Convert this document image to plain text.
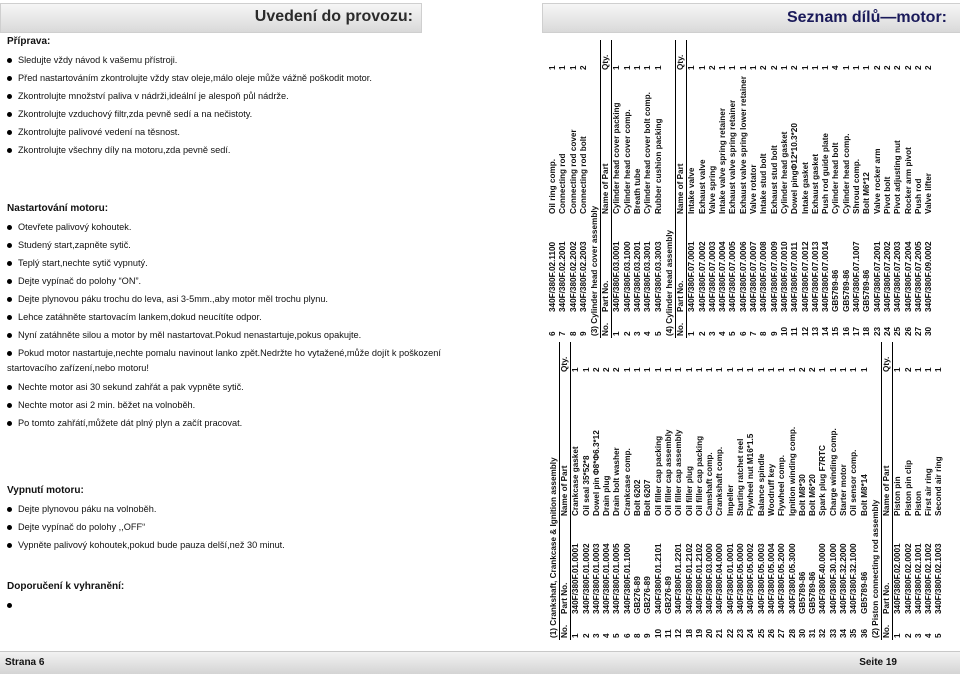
Uvedení do provozu:
Příprava:
Sledujte vždy návod k vašemu přístroji.
Před nastartováním zkontrolujte vždy stav oleje,málo oleje může vážně poškodit motor.
Zkontrolujte množství paliva v nádrži,ideální je alespoň půl nádrže.
Zkontrolujte vzduchový filtr,zda pevně sedí a na nečistoty.
Zkontrolujte palivové vedení na těsnost.
Zkontrolujte všechny díly na motoru,zda pevně sedí.
Nastartování motoru:
Otevřete palivový kohoutek.
Studený start,zapněte sytič.
Teplý start,nechte sytič vypnutý.
Dejte vypínač do polohy “ON”.
Dejte plynovou páku trochu do leva, asi 3-5mm.,aby motor měl trochu plynu.
Lehce zatáhněte startovacím lankem,dokud neucítíte odpor.
Nyní zatáhněte silou a motor by měl nastartovat.Pokud nenastartuje,pokus opakujte.
Pokud motor nastartuje,nechte pomalu navinout lanko zpět.Nedržte ho vytažené,může dojít k poškození startovacího zařízení,nebo motoru!
Nechte motor asi 30 sekund zahřát a pak vypněte sytič.
Nechte motor asi 2 min. běžet na volnoběh.
Po tomto zahřátí,můžete dát plný plyn a začít pracovat.
Vypnutí motoru:
Dejte plynovou páku na volnoběh.
Dejte vypínač do polohy ,,OFF“
Vypněte palivový kohoutek,pokud bude pauza delší,než 30 minut.
Doporučení k vyhranění:
Strana 6
Seznam dílů—motor:
(1) Crankshaft, Crankcase & Ignition assembly No.
Part No.
Name of Part
Qty.
1
340F/380F.01.0001
Crankcase gasket
1
2
340F/380F.01.0002
Oil seal 35*52*8
1
3
340F/380F.01.0003
Dowel pin Φ8*Φ6.3*12
2
4
340F/380F.01.0004
Drain plug
2
5
340F/380F.01.0005
Drain bolt washer
2
6
340F/380F.01.1000
Crankcase comp.
1
8
GB276-89
Bolt 6202
1
9
GB276-89
Bolt 6207
1
10
340F/380F.01.2101
Oil filler cap packing
1
11
GB276-89
Oil filler cap assembly
1
12
340F/380F.01.2201
Oil filler cap assembly
1
18
340F/380F.01.2102
Oil filler plug
1
19
340F/380F.01.2102
Oil filler cap packing
1
20
340F/380F.03.0000
Camshaft comp.
1
21
340F/380F.04.0000
Crankshaft comp.
1
22
340F/380F.01.0001
Impeller
1
23
340F/380F.05.0000
Starting ratchet reel
1
24
340F/380F.05.0002
Flywheel nut M16*1.5
1
25
340F/380F.05.0003
Balance spindle
1
26
340F/380F.05.0004
Woodruff key
1
27
340F/380F.05.2000
Flywheel comp.
1
28
340F/380F.05.3000
Ignition winding comp.
1
30
GB5789-86
Bolt M8*30
2
31
GB5789-86
Bolt M6*20
2
32
340F/380F.40.0000
Spark plug F7RTC
1
33
340F/380F.30.1000
Charge winding comp.
1
34
340F/380F.32.2000
Starter motor
1
35
340F/380F.32.1000
Oil sensor comp.
1
36
GB5789-86
Bolt M8*14
1
(2) Piston connecting rod assembly No.
Part No.
Name of Part
Qty.
1
340F/380F.02.0001
Piston pin
1
2
340F/380F.02.0002
Piston pin clip
2
3
340F/380F.02.1001
Piston
1
4
340F/380F.02.1002
First air ring
1
5
340F/380F.02.1003
Second air ring
1
6
340F/380F.02.1100
Oil ring comp.
1
7
340F/380F.02.2001
Connecting rod
1
8
340F/380F.02.2002
Connecting rod cover
1
9
340F/380F.02.2003
Connecting rod bolt
2
(3) Cylinder head cover assembly No.
Part No.
Name of Part
Qty.
1
340F/380F.03.0001
Cylinder head cover packing
1
2
340F/380F.03.1000
Cylinder head cover comp.
1
3
340F/380F.03.2001
Breath tube
1
4
340F/380F.03.3001
Cylinder head cover bolt comp.
1
5
340F/380F.03.3003
Rubber cushion packing
1
(4) Cylinder head assembly No.
Part No.
Name of Part
Qty.
1
340F/380F.07.0001
Intake valve
1
2
340F/380F.07.0002
Exhaust valve
1
3
340F/380F.07.0003
Valve spring
2
4
340F/380F.07.0004
Intake valve spring retainer
1
5
340F/380F.07.0005
Exhaust valve spring retainer
1
6
340F/380F.07.0006
Exhaust valve spring lower retainer
1
7
340F/380F.07.0007
Valve rotator
1
8
340F/380F.07.0008
Intake stud bolt
2
9
340F/380F.07.0009
Exhaust stud bolt
2
10
340F/380F.07.0010
Cylinder head gasket
1
11
340F/380F.07.0011
Dowel pingΦ12*10.3*20
2
12
340F/380F.07.0012
Intake gasket
1
13
340F/380F.07.0013
Exhaust gasket
1
14
340F/380F.07.0014
Push rod guide plate
1
15
GB5789-86
Cylinder head bolt
4
16
GB5789-86
Cylinder head comp.
1
17
340F/380F.07.1007
Shroud comp.
1
18
GB5789-86
Bolt M6*12
1
23
340F/380F.07.2001
Valve rocker arm
2
24
340F/380F.07.2002
Pivot bolt
2
25
340F/380F.07.2003
Pivot adjusting nut
2
26
340F/380F.07.2004
Rocker arm pivot
2
27
340F/380F.07.2005
Push rod
2
30
340F/380F.09.0002
Valve lifter
2
Seite 19
